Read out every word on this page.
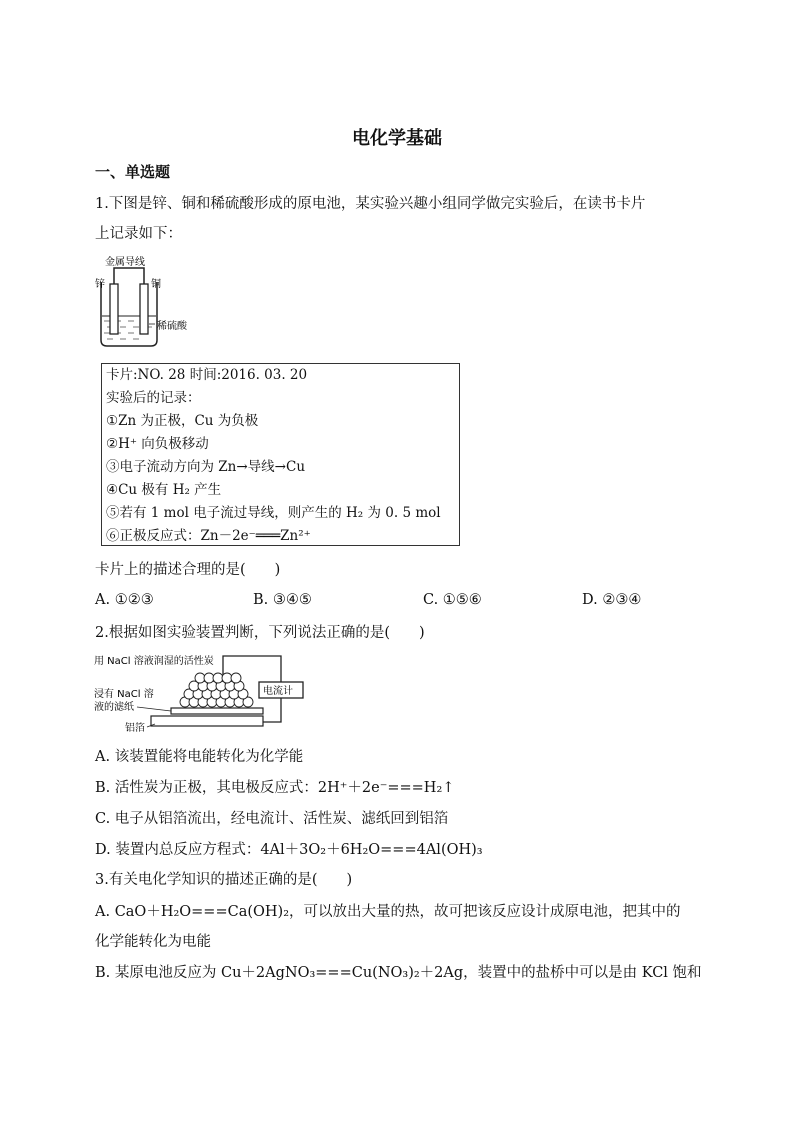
电化学基础
一、单选题
1.下图是锌、铜和稀硫酸形成的原电池，某实验兴趣小组同学做完实验后，在读书卡片
上记录如下：
金属导线
锌	铜
稀硫酸
卡片:NO. 28 时间:2016. 03. 20
实验后的记录：
①Zn 为正极，Cu 为负极
②H⁺ 向负极移动
③电子流动方向为 Zn→导线→Cu
④Cu 极有 H₂ 产生
⑤若有 1 mol 电子流过导线，则产生的 H₂ 为 0. 5 mol
⑥正极反应式：Zn－2e⁻═══Zn²⁺
卡片上的描述合理的是(　　)
A. ①②③	B. ③④⑤	C. ①⑤⑥	D. ②③④
2.根据如图实验装置判断，下列说法正确的是(　　)
电流计
用 NaCl 溶液润湿的活性炭
浸有 NaCl 溶
液的滤纸
铝箔
A. 该装置能将电能转化为化学能
B. 活性炭为正极，其电极反应式：2H⁺＋2e⁻===H₂↑
C. 电子从铝箔流出，经电流计、活性炭、滤纸回到铝箔
D. 装置内总反应方程式：4Al＋3O₂＋6H₂O===4Al(OH)₃
3.有关电化学知识的描述正确的是(　　)
A. CaO＋H₂O===Ca(OH)₂，可以放出大量的热，故可把该反应设计成原电池，把其中的
化学能转化为电能
B. 某原电池反应为 Cu＋2AgNO₃===Cu(NO₃)₂＋2Ag，装置中的盐桥中可以是由 KCl 饱和
